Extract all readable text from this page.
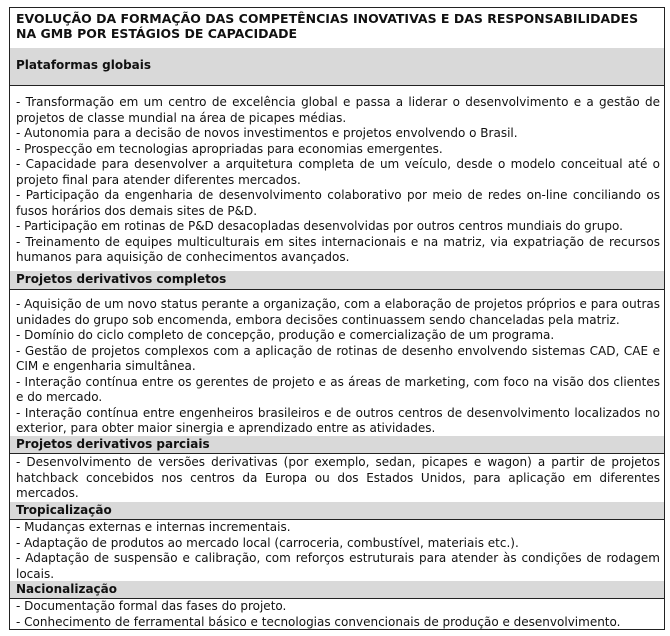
EVOLUÇÃO DA FORMAÇÃO DAS COMPETÊNCIAS INOVATIVAS E DAS RESPONSABILIDADES NA GMB POR ESTÁGIOS DE CAPACIDADE
Plataformas globais
- Transformação em um centro de excelência global e passa a liderar o desenvolvimento e a gestão de projetos de classe mundial na área de picapes médias.
- Autonomia para a decisão de novos investimentos e projetos envolvendo o Brasil.
- Prospecção em tecnologias apropriadas para economias emergentes.
- Capacidade para desenvolver a arquitetura completa de um veículo, desde o modelo conceitual até o projeto final para atender diferentes mercados.
- Participação da engenharia de desenvolvimento colaborativo por meio de redes on-line conciliando os fusos horários dos demais sites de P&D.
- Participação em rotinas de P&D desacopladas desenvolvidas por outros centros mundiais do grupo.
- Treinamento de equipes multiculturais em sites internacionais e na matriz, via expatriação de recursos humanos para aquisição de conhecimentos avançados.
Projetos derivativos completos
- Aquisição de um novo status perante a organização, com a elaboração de projetos próprios e para outras unidades do grupo sob encomenda, embora decisões continuassem sendo chanceladas pela matriz.
- Domínio do ciclo completo de concepção, produção e comercialização de um programa.
- Gestão de projetos complexos com a aplicação de rotinas de desenho envolvendo sistemas CAD, CAE e CIM e engenharia simultânea.
- Interação contínua entre os gerentes de projeto e as áreas de marketing, com foco na visão dos clientes e do mercado.
- Interação contínua entre engenheiros brasileiros e de outros centros de desenvolvimento localizados no exterior, para obter maior sinergia e aprendizado entre as atividades.
Projetos derivativos parciais
- Desenvolvimento de versões derivativas (por exemplo, sedan, picapes e wagon) a partir de projetos hatchback concebidos nos centros da Europa ou dos Estados Unidos, para aplicação em diferentes mercados.
Tropicalização
- Mudanças externas e internas incrementais.
- Adaptação de produtos ao mercado local (carroceria, combustível, materiais etc.).
- Adaptação de suspensão e calibração, com reforços estruturais para atender às condições de rodagem locais.
Nacionalização
- Documentação formal das fases do projeto.
- Conhecimento de ferramental básico e tecnologias convencionais de produção e desenvolvimento.
